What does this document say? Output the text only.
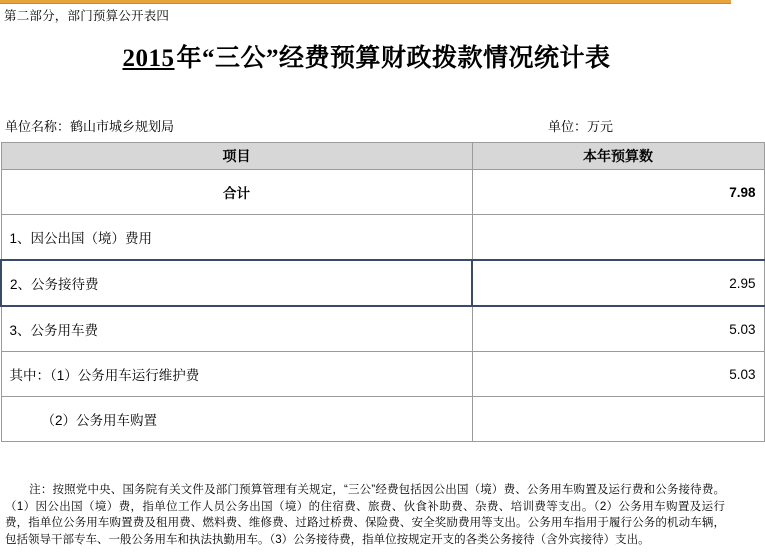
第二部分，部门预算公开表四
2015年“三公”经费预算财政拨款情况统计表
单位名称：鹤山市城乡规划局	单位：万元
项目	本年预算数
合计	7.98
1、因公出国（境）费用	
2、公务接待费	2.95
3、公务用车费	5.03
其中：（1）公务用车运行维护费	5.03
（2）公务用车购置	
注：按照党中央、国务院有关文件及部门预算管理有关规定，“三公”经费包括因公出国（境）费、公务用车购置及运行费和公务接待费。（1）因公出国（境）费，指单位工作人员公务出国（境）的住宿费、旅费、伙食补助费、杂费、培训费等支出。（2）公务用车购置及运行费，指单位公务用车购置费及租用费、燃料费、维修费、过路过桥费、保险费、安全奖励费用等支出。公务用车指用于履行公务的机动车辆，包括领导干部专车、一般公务用车和执法执勤用车。（3）公务接待费，指单位按规定开支的各类公务接待（含外宾接待）支出。
